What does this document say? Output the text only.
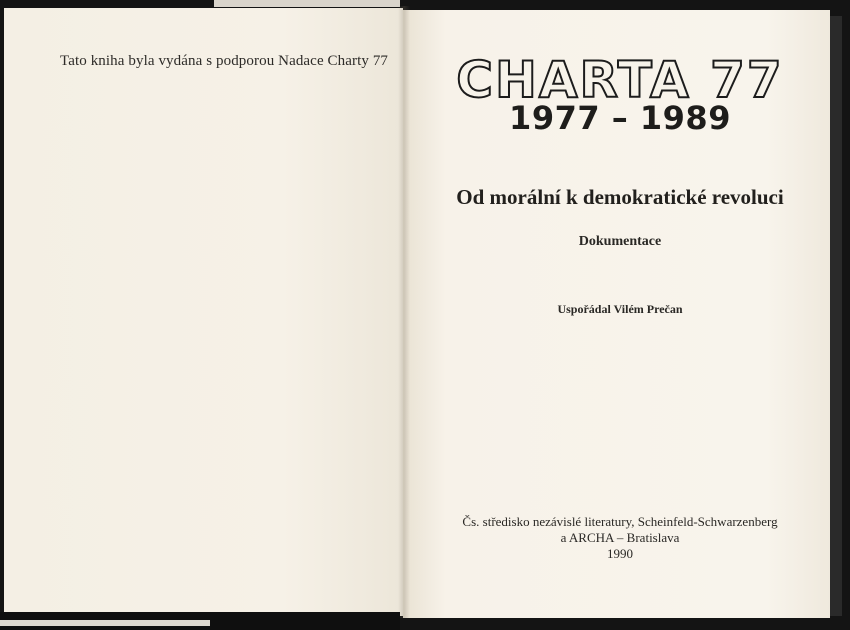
Tato kniha byla vydána s podporou Nadace Charty 77	CHARTA 77
1977 – 1989
Od morální k demokratické revoluci

Dokumentace

Uspořádal Vilém Prečan

Čs. středisko nezávislé literatury, Scheinfeld-Schwarzenberg
a ARCHA – Bratislava
1990
